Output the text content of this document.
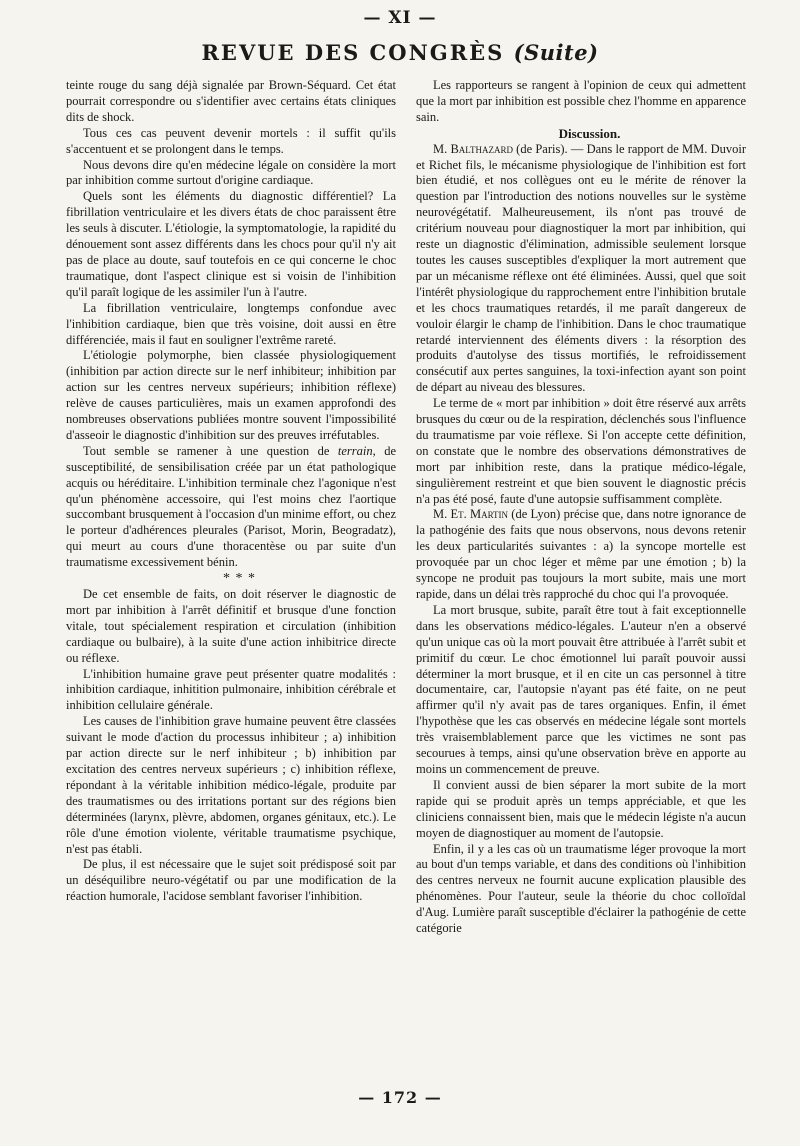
— XI —
REVUE DES CONGRÈS (Suite)

teinte rouge du sang déjà signalée par Brown-Séquard. Cet état pourrait correspondre ou s'identifier avec certains états cliniques dits de shock.

Tous ces cas peuvent devenir mortels : il suffit qu'ils s'accentuent et se prolongent dans le temps.

Nous devons dire qu'en médecine légale on considère la mort par inhibition comme surtout d'origine cardiaque.

Quels sont les éléments du diagnostic différentiel? La fibrillation ventriculaire et les divers états de choc paraissent être les seuls à discuter. L'étiologie, la symptomatologie, la rapidité du dénouement sont assez différents dans les chocs pour qu'il n'y ait pas de place au doute, sauf toutefois en ce qui concerne le choc traumatique, dont l'aspect clinique est si voisin de l'inhibition qu'il paraît logique de les assimiler l'un à l'autre.

La fibrillation ventriculaire, longtemps confondue avec l'inhibition cardiaque, bien que très voisine, doit aussi en être différenciée, mais il faut en souligner l'extrême rareté.

L'étiologie polymorphe, bien classée physiologiquement (inhibition par action directe sur le nerf inhibiteur; inhibition par action sur les centres nerveux supérieurs; inhibition réflexe) relève de causes particulières, mais un examen approfondi des nombreuses observations publiées montre souvent l'impossibilité d'asseoir le diagnostic d'inhibition sur des preuves irréfutables.

Tout semble se ramener à une question de terrain, de susceptibilité, de sensibilisation créée par un état pathologique acquis ou héréditaire. L'inhibition terminale chez l'agonique n'est qu'un phénomène accessoire, qui l'est moins chez l'aortique succombant brusquement à l'occasion d'un minime effort, ou chez le porteur d'adhérences pleurales (Parisot, Morin, Beogradatz), qui meurt au cours d'une thoracentèse ou par suite d'un traumatisme excessivement bénin.

* * *

De cet ensemble de faits, on doit réserver le diagnostic de mort par inhibition à l'arrêt définitif et brusque d'une fonction vitale, tout spécialement respiration et circulation (inhibition cardiaque ou bulbaire), à la suite d'une action inhibitrice directe ou réflexe.

L'inhibition humaine grave peut présenter quatre modalités : inhibition cardiaque, inhitition pulmonaire, inhibition cérébrale et inhibition cellulaire générale.

Les causes de l'inhibition grave humaine peuvent être classées suivant le mode d'action du processus inhibiteur ; a) inhibition par action directe sur le nerf inhibiteur ; b) inhibition par excitation des centres nerveux supérieurs ; c) inhibition réflexe, répondant à la véritable inhibition médico-légale, produite par des traumatismes ou des irritations portant sur des régions bien déterminées (larynx, plèvre, abdomen, organes génitaux, etc.). Le rôle d'une émotion violente, véritable traumatisme psychique, n'est pas établi.

De plus, il est nécessaire que le sujet soit prédisposé soit par un déséquilibre neuro-végétatif ou par une modification de la réaction humorale, l'acidose semblant favoriser l'inhibition.

Les rapporteurs se rangent à l'opinion de ceux qui admettent que la mort par inhibition est possible chez l'homme en apparence sain.

Discussion.

M. Balthazard (de Paris). — Dans le rapport de MM. Duvoir et Richet fils, le mécanisme physiologique de l'inhibition est fort bien étudié, et nos collègues ont eu le mérite de rénover la question par l'introduction des notions nouvelles sur le système neurovégétatif. Malheureusement, ils n'ont pas trouvé de critérium nouveau pour diagnostiquer la mort par inhibition, qui reste un diagnostic d'élimination, admissible seulement lorsque toutes les causes susceptibles d'expliquer la mort autrement que par un mécanisme réflexe ont été éliminées. Aussi, quel que soit l'intérêt physiologique du rapprochement entre l'inhibition brutale et les chocs traumatiques retardés, il me paraît dangereux de vouloir élargir le champ de l'inhibition. Dans le choc traumatique retardé interviennent des éléments divers : la résorption des produits d'autolyse des tissus mortifiés, le refroidissement consécutif aux pertes sanguines, la toxi-infection ayant son point de départ au niveau des blessures.

Le terme de « mort par inhibition » doit être réservé aux arrêts brusques du cœur ou de la respiration, déclenchés sous l'influence du traumatisme par voie réflexe. Si l'on accepte cette définition, on constate que le nombre des observations démonstratives de mort par inhibition reste, dans la pratique médico-légale, singulièrement restreint et que bien souvent le diagnostic précis n'a pas été posé, faute d'une autopsie suffisamment complète.

M. Et. Martin (de Lyon) précise que, dans notre ignorance de la pathogénie des faits que nous observons, nous devons retenir les deux particularités suivantes : a) la syncope mortelle est provoquée par un choc léger et même par une émotion ; b) la syncope ne produit pas toujours la mort subite, mais une mort rapide, dans un délai très rapproché du choc qui l'a provoquée.

La mort brusque, subite, paraît être tout à fait exceptionnelle dans les observations médico-légales. L'auteur n'en a observé qu'un unique cas où la mort pouvait être attribuée à l'arrêt subit et primitif du cœur. Le choc émotionnel lui paraît pouvoir aussi déterminer la mort brusque, et il en cite un cas personnel à titre documentaire, car, l'autopsie n'ayant pas été faite, on ne peut affirmer qu'il n'y avait pas de tares organiques. Enfin, il émet l'hypothèse que les cas observés en médecine légale sont mortels très vraisemblablement parce que les victimes ne sont pas secourues à temps, ainsi qu'une observation brève en apporte au moins un commencement de preuve.

Il convient aussi de bien séparer la mort subite de la mort rapide qui se produit après un temps appréciable, et que les cliniciens connaissent bien, mais que le médecin légiste n'a aucun moyen de diagnostiquer au moment de l'autopsie.

Enfin, il y a les cas où un traumatisme léger provoque la mort au bout d'un temps variable, et dans des conditions où l'inhibition des centres nerveux ne fournit aucune explication plausible des phénomènes. Pour l'auteur, seule la théorie du choc colloïdal d'Aug. Lumière paraît susceptible d'éclairer la pathogénie de cette catégorie

— 172 —
